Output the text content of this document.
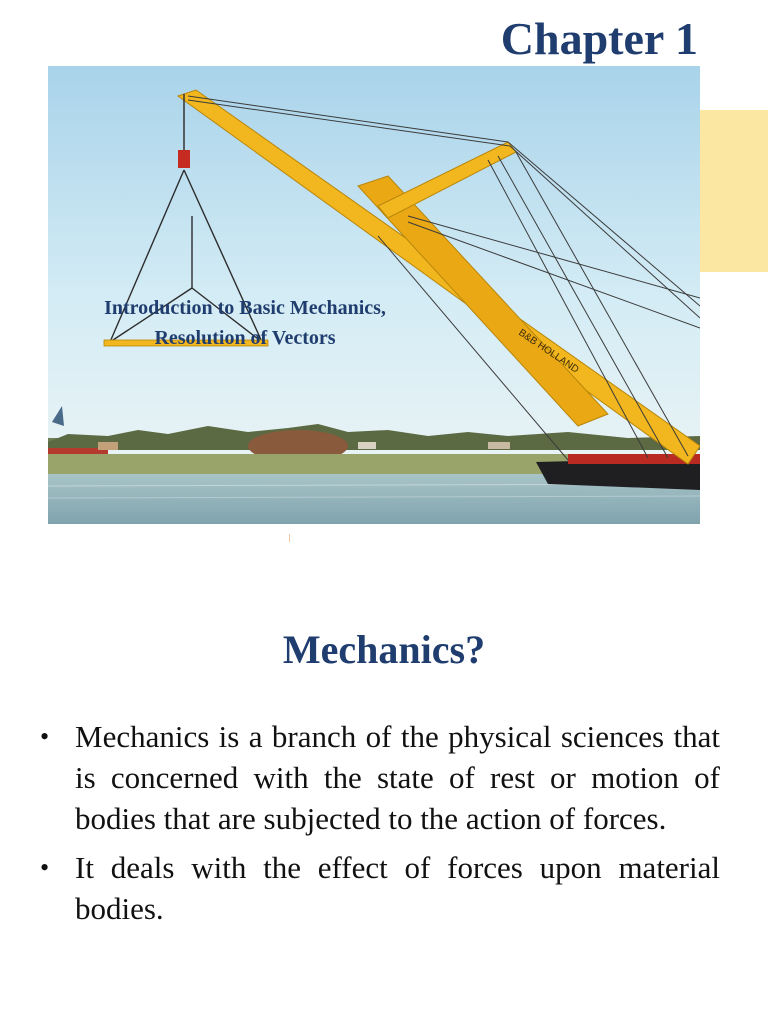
Chapter 1
B&B HOLLAND
Introduction to Basic Mechanics,
Resolution of Vectors
Mechanics?
• Mechanics is a branch of the physical sciences that is concerned with the state of rest or motion of bodies that are subjected to the action of forces.
• It deals with the effect of forces upon material bodies.
